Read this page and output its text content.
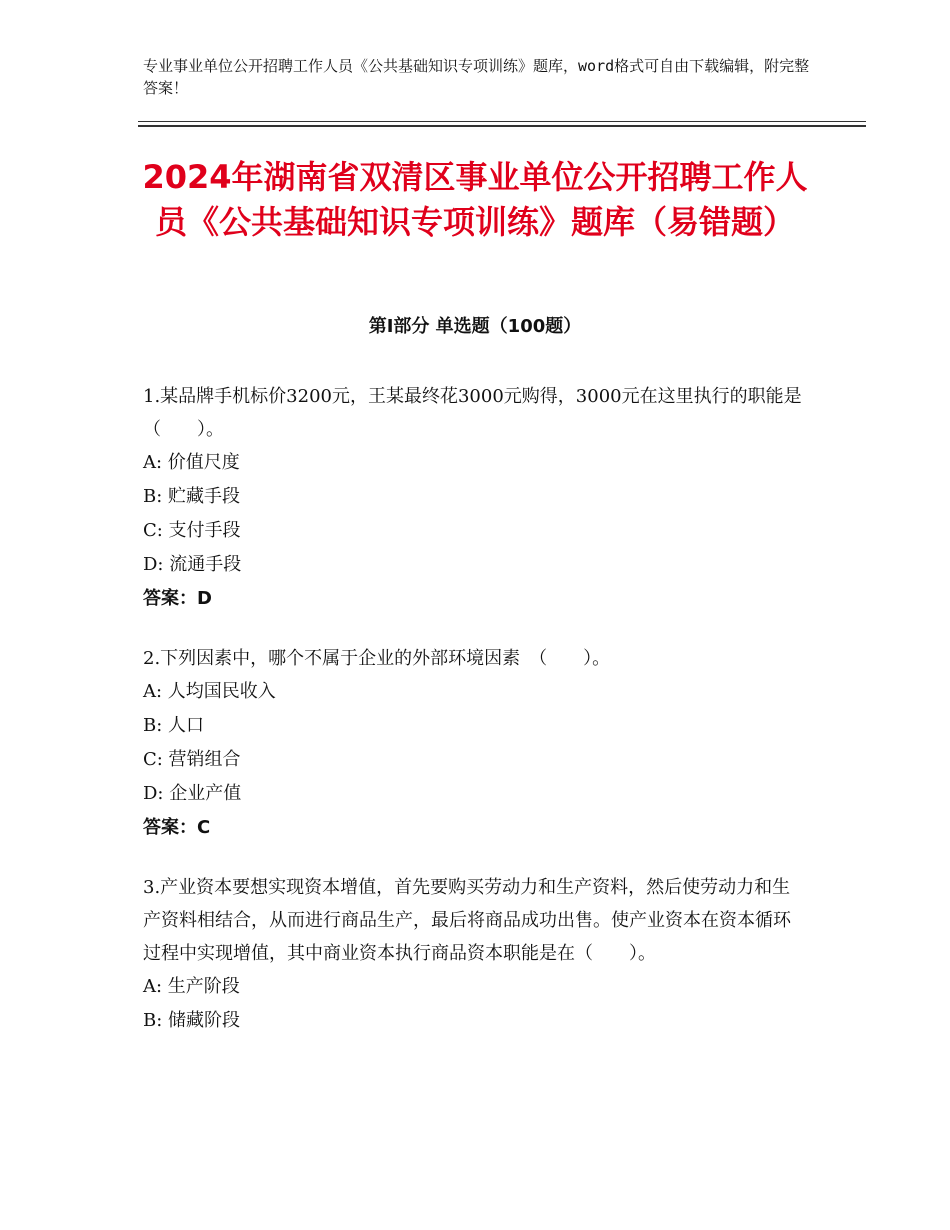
专业事业单位公开招聘工作人员《公共基础知识专项训练》题库，word格式可自由下载编辑，附完整答案！
2024年湖南省双清区事业单位公开招聘工作人员《公共基础知识专项训练》题库（易错题）
第I部分 单选题（100题）
1.某品牌手机标价3200元，王某最终花3000元购得，3000元在这里执行的职能是（　　）。
A: 价值尺度
B: 贮藏手段
C: 支付手段
D: 流通手段
答案：D
2.下列因素中，哪个不属于企业的外部环境因素　（　　）。
A: 人均国民收入
B: 人口
C: 营销组合
D: 企业产值
答案：C
3.产业资本要想实现资本增值，首先要购买劳动力和生产资料，然后使劳动力和生产资料相结合，从而进行商品生产，最后将商品成功出售。使产业资本在资本循环过程中实现增值，其中商业资本执行商品资本职能是在（　　）。
A: 生产阶段
B: 储藏阶段
